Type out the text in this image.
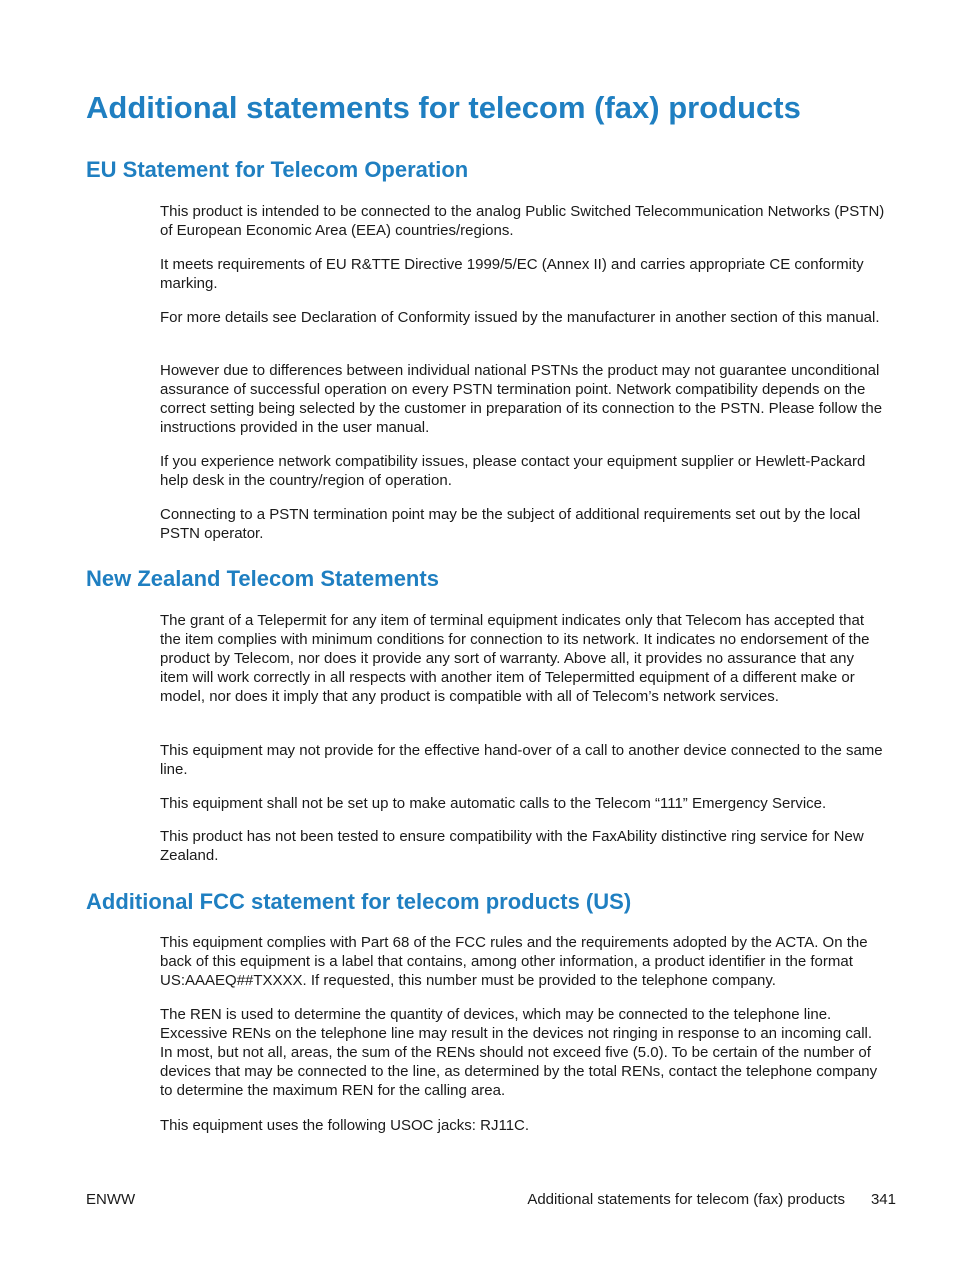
Additional statements for telecom (fax) products
EU Statement for Telecom Operation

This product is intended to be connected to the analog Public Switched Telecommunication Networks (PSTN) of European Economic Area (EEA) countries/regions.

It meets requirements of EU R&TTE Directive 1999/5/EC (Annex II) and carries appropriate CE conformity marking.

For more details see Declaration of Conformity issued by the manufacturer in another section of this manual.

However due to differences between individual national PSTNs the product may not guarantee unconditional assurance of successful operation on every PSTN termination point. Network compatibility depends on the correct setting being selected by the customer in preparation of its connection to the PSTN. Please follow the instructions provided in the user manual.

If you experience network compatibility issues, please contact your equipment supplier or Hewlett-Packard help desk in the country/region of operation.

Connecting to a PSTN termination point may be the subject of additional requirements set out by the local PSTN operator.

New Zealand Telecom Statements

The grant of a Telepermit for any item of terminal equipment indicates only that Telecom has accepted that the item complies with minimum conditions for connection to its network. It indicates no endorsement of the product by Telecom, nor does it provide any sort of warranty. Above all, it provides no assurance that any item will work correctly in all respects with another item of Telepermitted equipment of a different make or model, nor does it imply that any product is compatible with all of Telecom’s network services.

This equipment may not provide for the effective hand-over of a call to another device connected to the same line.

This equipment shall not be set up to make automatic calls to the Telecom “111” Emergency Service.

This product has not been tested to ensure compatibility with the FaxAbility distinctive ring service for New Zealand.

Additional FCC statement for telecom products (US)

This equipment complies with Part 68 of the FCC rules and the requirements adopted by the ACTA. On the back of this equipment is a label that contains, among other information, a product identifier in the format US:AAAEQ##TXXXX. If requested, this number must be provided to the telephone company.

The REN is used to determine the quantity of devices, which may be connected to the telephone line. Excessive RENs on the telephone line may result in the devices not ringing in response to an incoming call. In most, but not all, areas, the sum of the RENs should not exceed five (5.0). To be certain of the number of devices that may be connected to the line, as determined by the total RENs, contact the telephone company to determine the maximum REN for the calling area.

This equipment uses the following USOC jacks: RJ11C.

ENWW	Additional statements for telecom (fax) products 341
